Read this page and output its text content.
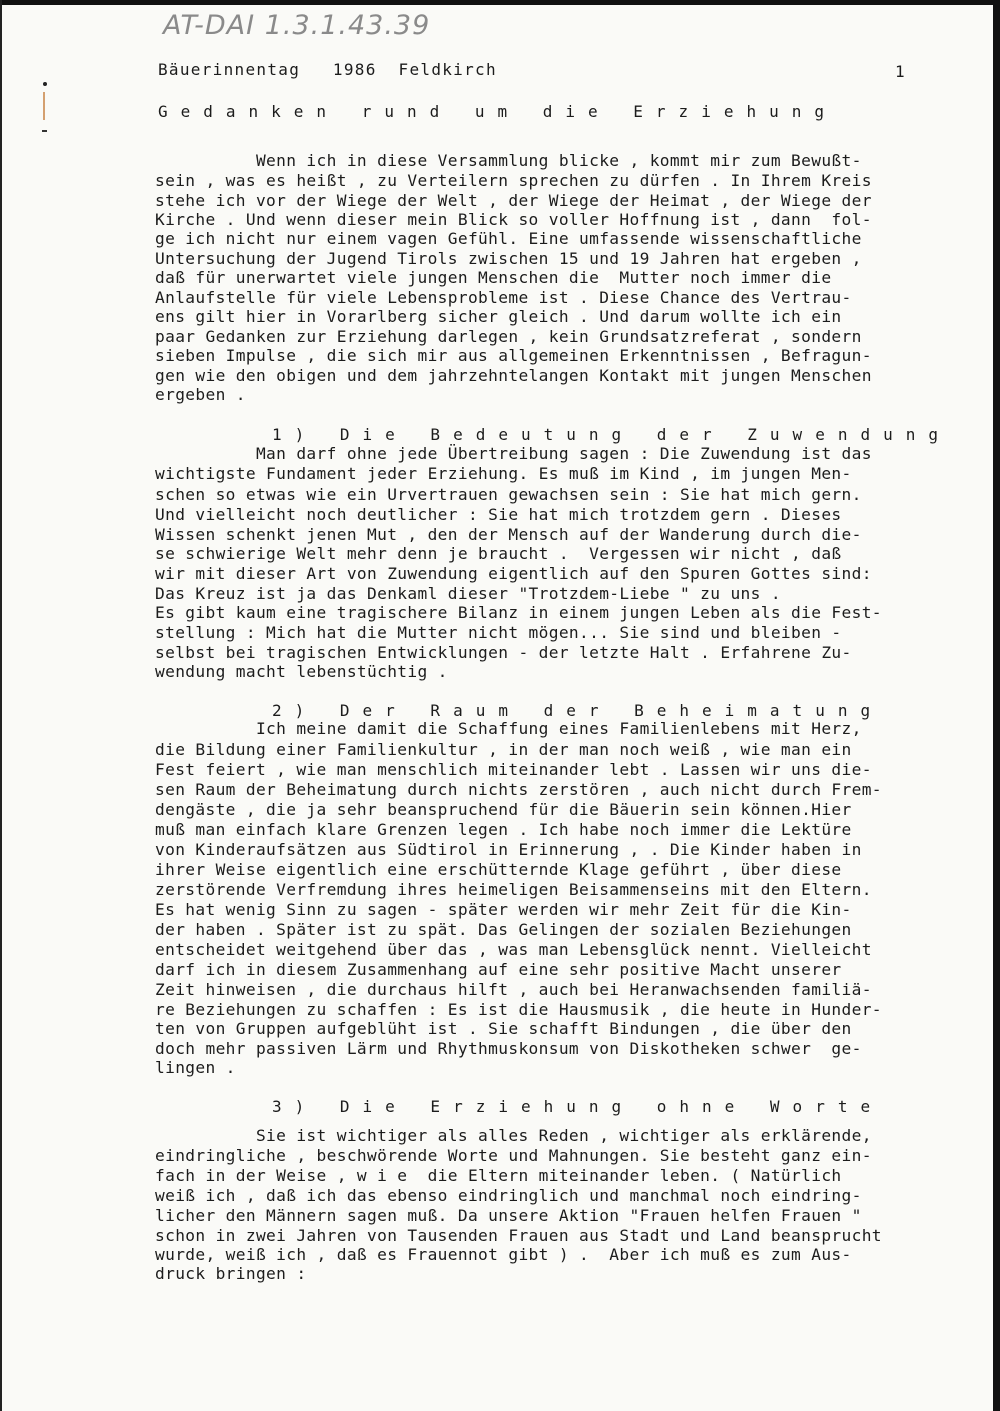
AT-DAI 1.3.1.43.39
Bäuerinnentag   1986  Feldkirch	1
Gedanken rund um die Erziehung
Wenn ich in diese Versammlung blicke , kommt mir zum Bewußt-
sein , was es heißt , zu Verteilern sprechen zu dürfen . In Ihrem Kreis
stehe ich vor der Wiege der Welt , der Wiege der Heimat , der Wiege der
Kirche . Und wenn dieser mein Blick so voller Hoffnung ist , dann  fol-
ge ich nicht nur einem vagen Gefühl. Eine umfassende wissenschaftliche
Untersuchung der Jugend Tirols zwischen 15 und 19 Jahren hat ergeben ,
daß für unerwartet viele jungen Menschen die  Mutter noch immer die
Anlaufstelle für viele Lebensprobleme ist . Diese Chance des Vertrau-
ens gilt hier in Vorarlberg sicher gleich . Und darum wollte ich ein
paar Gedanken zur Erziehung darlegen , kein Grundsatzreferat , sondern
sieben Impulse , die sich mir aus allgemeinen Erkenntnissen , Befragun-
gen wie den obigen und dem jahrzehntelangen Kontakt mit jungen Menschen
ergeben .
1) Die Bedeutung der Zuwendung
Man darf ohne jede Übertreibung sagen : Die Zuwendung ist das
wichtigste Fundament jeder Erziehung. Es muß im Kind , im jungen Men-
schen so etwas wie ein Urvertrauen gewachsen sein : Sie hat mich gern.
Und vielleicht noch deutlicher : Sie hat mich trotzdem gern . Dieses
Wissen schenkt jenen Mut , den der Mensch auf der Wanderung durch die-
se schwierige Welt mehr denn je braucht .  Vergessen wir nicht , daß
wir mit dieser Art von Zuwendung eigentlich auf den Spuren Gottes sind:
Das Kreuz ist ja das Denkaml dieser "Trotzdem-Liebe " zu uns .
Es gibt kaum eine tragischere Bilanz in einem jungen Leben als die Fest-
stellung : Mich hat die Mutter nicht mögen... Sie sind und bleiben -
selbst bei tragischen Entwicklungen - der letzte Halt . Erfahrene Zu-
wendung macht lebenstüchtig .
2) Der Raum der Beheimatung
Ich meine damit die Schaffung eines Familienlebens mit Herz,
die Bildung einer Familienkultur , in der man noch weiß , wie man ein
Fest feiert , wie man menschlich miteinander lebt . Lassen wir uns die-
sen Raum der Beheimatung durch nichts zerstören , auch nicht durch Frem-
dengäste , die ja sehr beanspruchend für die Bäuerin sein können.Hier
muß man einfach klare Grenzen legen . Ich habe noch immer die Lektüre
von Kinderaufsätzen aus Südtirol in Erinnerung , . Die Kinder haben in
ihrer Weise eigentlich eine erschütternde Klage geführt , über diese
zerstörende Verfremdung ihres heimeligen Beisammenseins mit den Eltern.
Es hat wenig Sinn zu sagen - später werden wir mehr Zeit für die Kin-
der haben . Später ist zu spät. Das Gelingen der sozialen Beziehungen
entscheidet weitgehend über das , was man Lebensglück nennt. Vielleicht
darf ich in diesem Zusammenhang auf eine sehr positive Macht unserer
Zeit hinweisen , die durchaus hilft , auch bei Heranwachsenden familiä-
re Beziehungen zu schaffen : Es ist die Hausmusik , die heute in Hunder-
ten von Gruppen aufgeblüht ist . Sie schafft Bindungen , die über den
doch mehr passiven Lärm und Rhythmuskonsum von Diskotheken schwer  ge-
lingen .
3) Die Erziehung ohne Worte
Sie ist wichtiger als alles Reden , wichtiger als erklärende,
eindringliche , beschwörende Worte und Mahnungen. Sie besteht ganz ein-
fach in der Weise , w i e  die Eltern miteinander leben. ( Natürlich
weiß ich , daß ich das ebenso eindringlich und manchmal noch eindring-
licher den Männern sagen muß. Da unsere Aktion "Frauen helfen Frauen "
schon in zwei Jahren von Tausenden Frauen aus Stadt und Land beansprucht
wurde, weiß ich , daß es Frauennot gibt ) .  Aber ich muß es zum Aus-
druck bringen :
